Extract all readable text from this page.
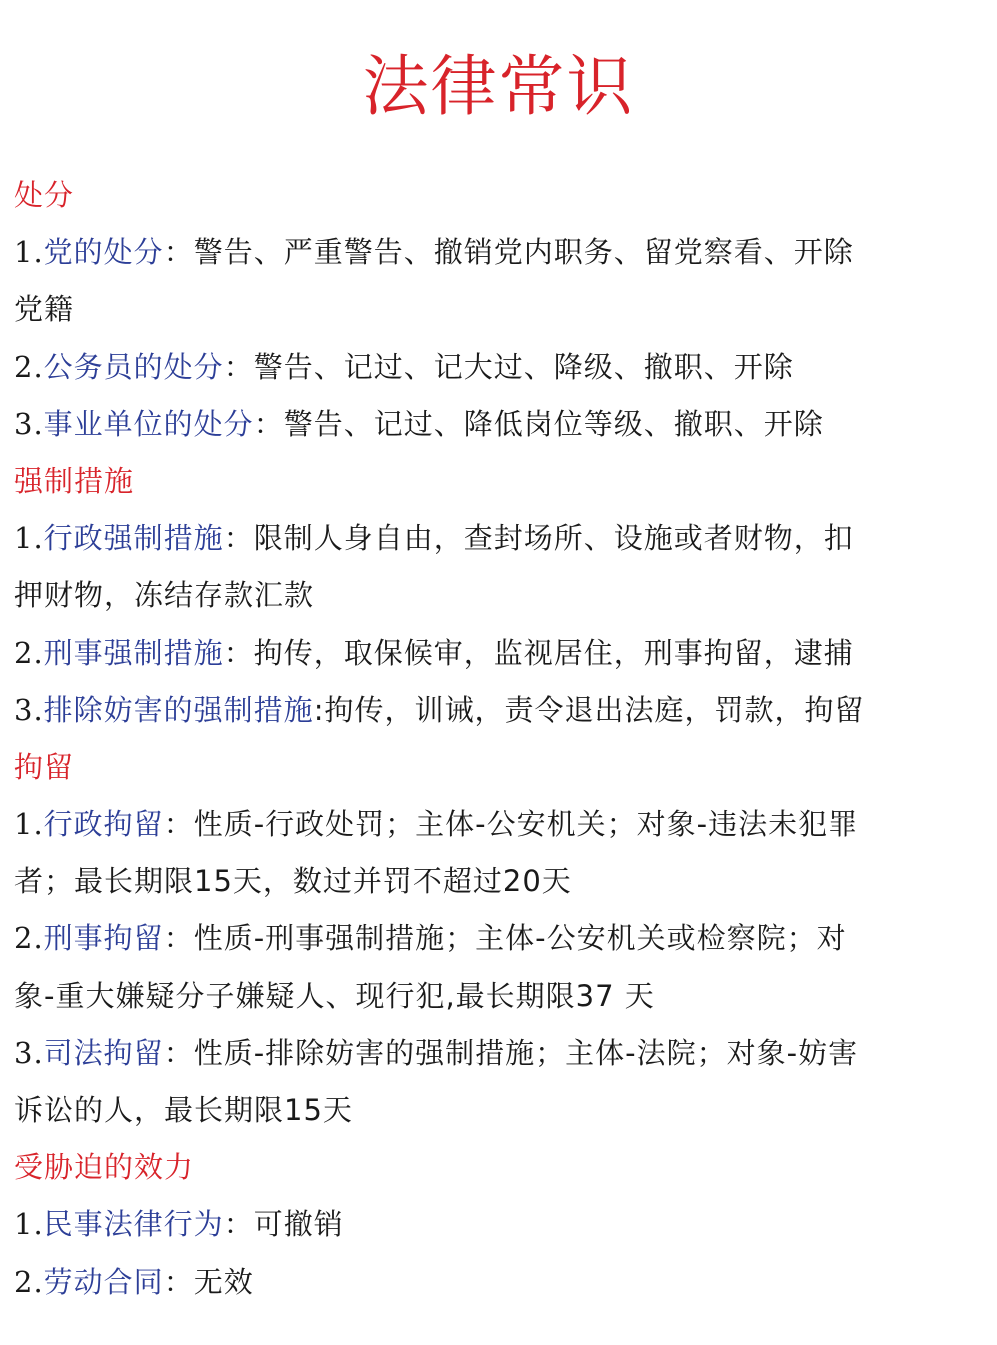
法律常识
处分
1.党的处分：警告、严重警告、撤销党内职务、留党察看、开除
党籍
2.公务员的处分：警告、记过、记大过、降级、撤职、开除
3.事业单位的处分：警告、记过、降低岗位等级、撤职、开除
强制措施
1.行政强制措施：限制人身自由，查封场所、设施或者财物，扣
押财物，冻结存款汇款
2.刑事强制措施：拘传，取保候审，监视居住，刑事拘留，逮捕
3.排除妨害的强制措施:拘传，训诫，责令退出法庭，罚款，拘留
拘留
1.行政拘留：性质-行政处罚；主体-公安机关；对象-违法未犯罪
者；最长期限15天，数过并罚不超过20天
2.刑事拘留：性质-刑事强制措施；主体-公安机关或检察院；对
象-重大嫌疑分子嫌疑人、现行犯,最长期限37 天
3.司法拘留：性质-排除妨害的强制措施；主体-法院；对象-妨害
诉讼的人，最长期限15天
受胁迫的效力
1.民事法律行为：可撤销
2.劳动合同：无效
